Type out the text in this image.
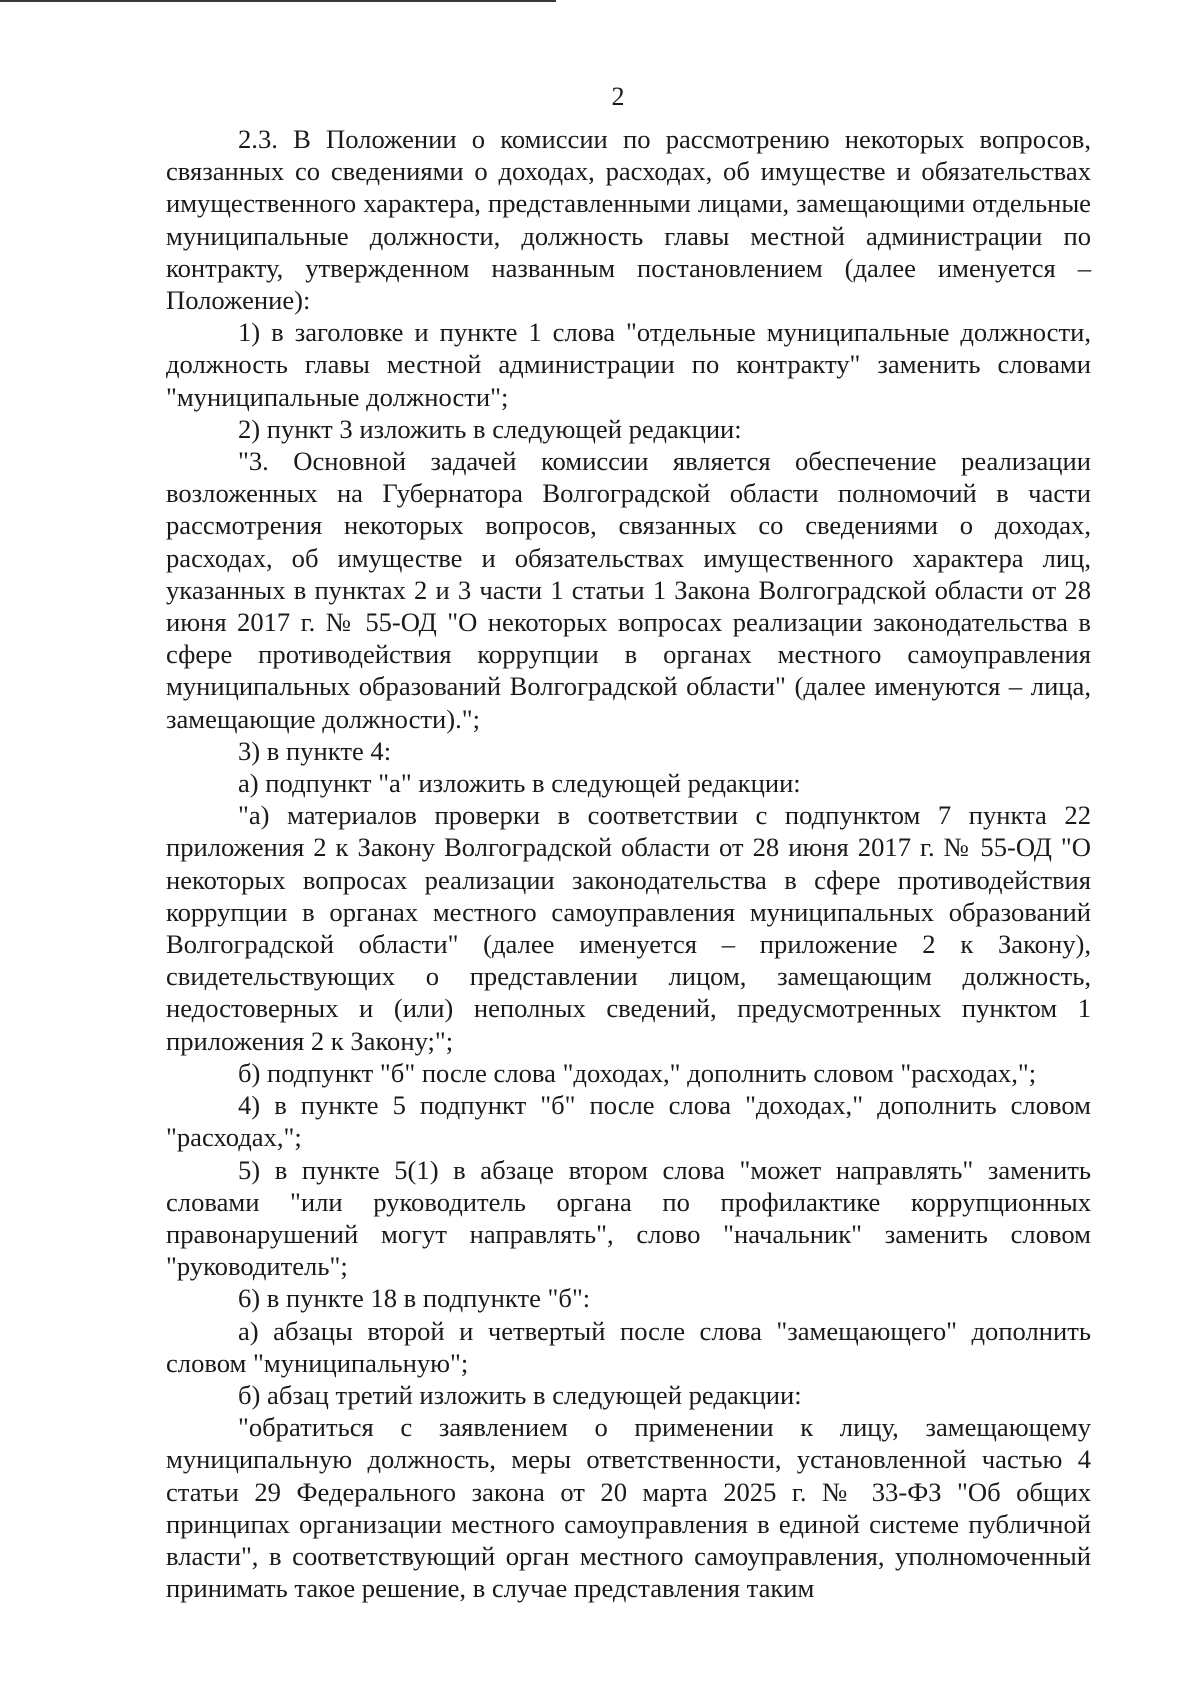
2

2.3. В Положении о комиссии по рассмотрению некоторых вопросов, связанных со сведениями о доходах, расходах, об имуществе и обязательствах имущественного характера, представленными лицами, замещающими отдельные муниципальные должности, должность главы местной администрации по контракту, утвержденном названным постановлением (далее именуется – Положение):

1) в заголовке и пункте 1 слова "отдельные муниципальные должности, должность главы местной администрации по контракту" заменить словами "муниципальные должности";

2) пункт 3 изложить в следующей редакции:

"3. Основной задачей комиссии является обеспечение реализации возложенных на Губернатора Волгоградской области полномочий в части рассмотрения некоторых вопросов, связанных со сведениями о доходах, расходах, об имуществе и обязательствах имущественного характера лиц, указанных в пунктах 2 и 3 части 1 статьи 1 Закона Волгоградской области от 28 июня 2017 г. № 55-ОД "О некоторых вопросах реализации законодательства в сфере противодействия коррупции в органах местного самоуправления муниципальных образований Волгоградской области" (далее именуются – лица, замещающие должности).";

3) в пункте 4:

а) подпункт "а" изложить в следующей редакции:

"а) материалов проверки в соответствии с подпунктом 7 пункта 22 приложения 2 к Закону Волгоградской области от 28 июня 2017 г. № 55-ОД "О некоторых вопросах реализации законодательства в сфере противодействия коррупции в органах местного самоуправления муниципальных образований Волгоградской области" (далее именуется – приложение 2 к Закону), свидетельствующих о представлении лицом, замещающим должность, недостоверных и (или) неполных сведений, предусмотренных пунктом 1 приложения 2 к Закону;";

б) подпункт "б" после слова "доходах," дополнить словом "расходах,";

4) в пункте 5 подпункт "б" после слова "доходах," дополнить словом "расходах,";

5) в пункте 5(1) в абзаце втором слова "может направлять" заменить словами "или руководитель органа по профилактике коррупционных правонарушений могут направлять", слово "начальник" заменить словом "руководитель";

6) в пункте 18 в подпункте "б":

а) абзацы второй и четвертый после слова "замещающего" дополнить словом "муниципальную";

б) абзац третий изложить в следующей редакции:

"обратиться с заявлением о применении к лицу, замещающему муниципальную должность, меры ответственности, установленной частью 4 статьи 29 Федерального закона от 20 марта 2025 г. № 33-ФЗ "Об общих принципах организации местного самоуправления в единой системе публичной власти", в соответствующий орган местного самоуправления, уполномоченный принимать такое решение, в случае представления таким
